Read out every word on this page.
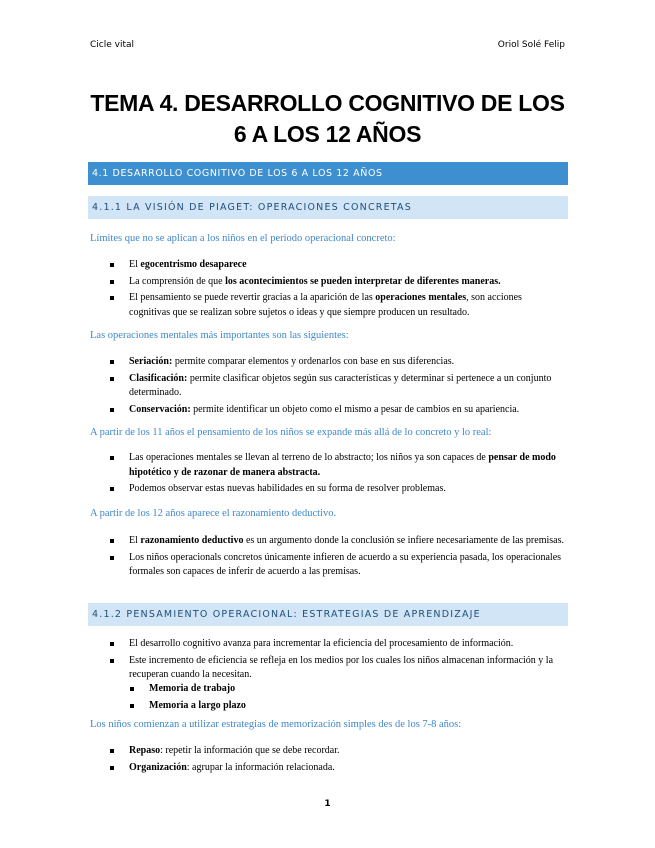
Cicle vital	Oriol Solé Felip
TEMA 4. DESARROLLO COGNITIVO DE LOS
6 A LOS 12 AÑOS
4.1 DESARROLLO COGNITIVO DE LOS 6 A LOS 12 AÑOS
4.1.1 LA VISIÓN DE PIAGET: OPERACIONES CONCRETAS
Límites que no se aplican a los niños en el periodo operacional concreto:
El egocentrismo desaparece
La comprensión de que los acontecimientos se pueden interpretar de diferentes maneras.
El pensamiento se puede revertir gracias a la aparición de las operaciones mentales, son acciones cognitivas que se realizan sobre sujetos o ideas y que siempre producen un resultado.
Las operaciones mentales más importantes son las siguientes:
Seriación: permite comparar elementos y ordenarlos con base en sus diferencias.
Clasificación: permite clasificar objetos según sus características y determinar si pertenece a un conjunto determinado.
Conservación: permite identificar un objeto como el mismo a pesar de cambios en su apariencia.
A partir de los 11 años el pensamiento de los niños se expande más allá de lo concreto y lo real:
Las operaciones mentales se llevan al terreno de lo abstracto; los niños ya son capaces de pensar de modo hipotético y de razonar de manera abstracta.
Podemos observar estas nuevas habilidades en su forma de resolver problemas.
A partir de los 12 años aparece el razonamiento deductivo.
El razonamiento deductivo es un argumento donde la conclusión se infiere necesariamente de las premisas.
Los niños operacionals concretos únicamente infieren de acuerdo a su experiencia pasada, los operacionales formales son capaces de inferir de acuerdo a las premisas.
4.1.2 PENSAMIENTO OPERACIONAL: ESTRATEGIAS DE APRENDIZAJE
El desarrollo cognitivo avanza para incrementar la eficiencia del procesamiento de información.
Este incremento de eficiencia se refleja en los medios por los cuales los niños almacenan información y la recuperan cuando la necesitan.
Memoria de trabajo
Memoria a largo plazo
Los niños comienzan a utilizar estrategias de memorización simples des de los 7-8 años:
Repaso: repetir la información que se debe recordar.
Organización: agrupar la información relacionada.
1
